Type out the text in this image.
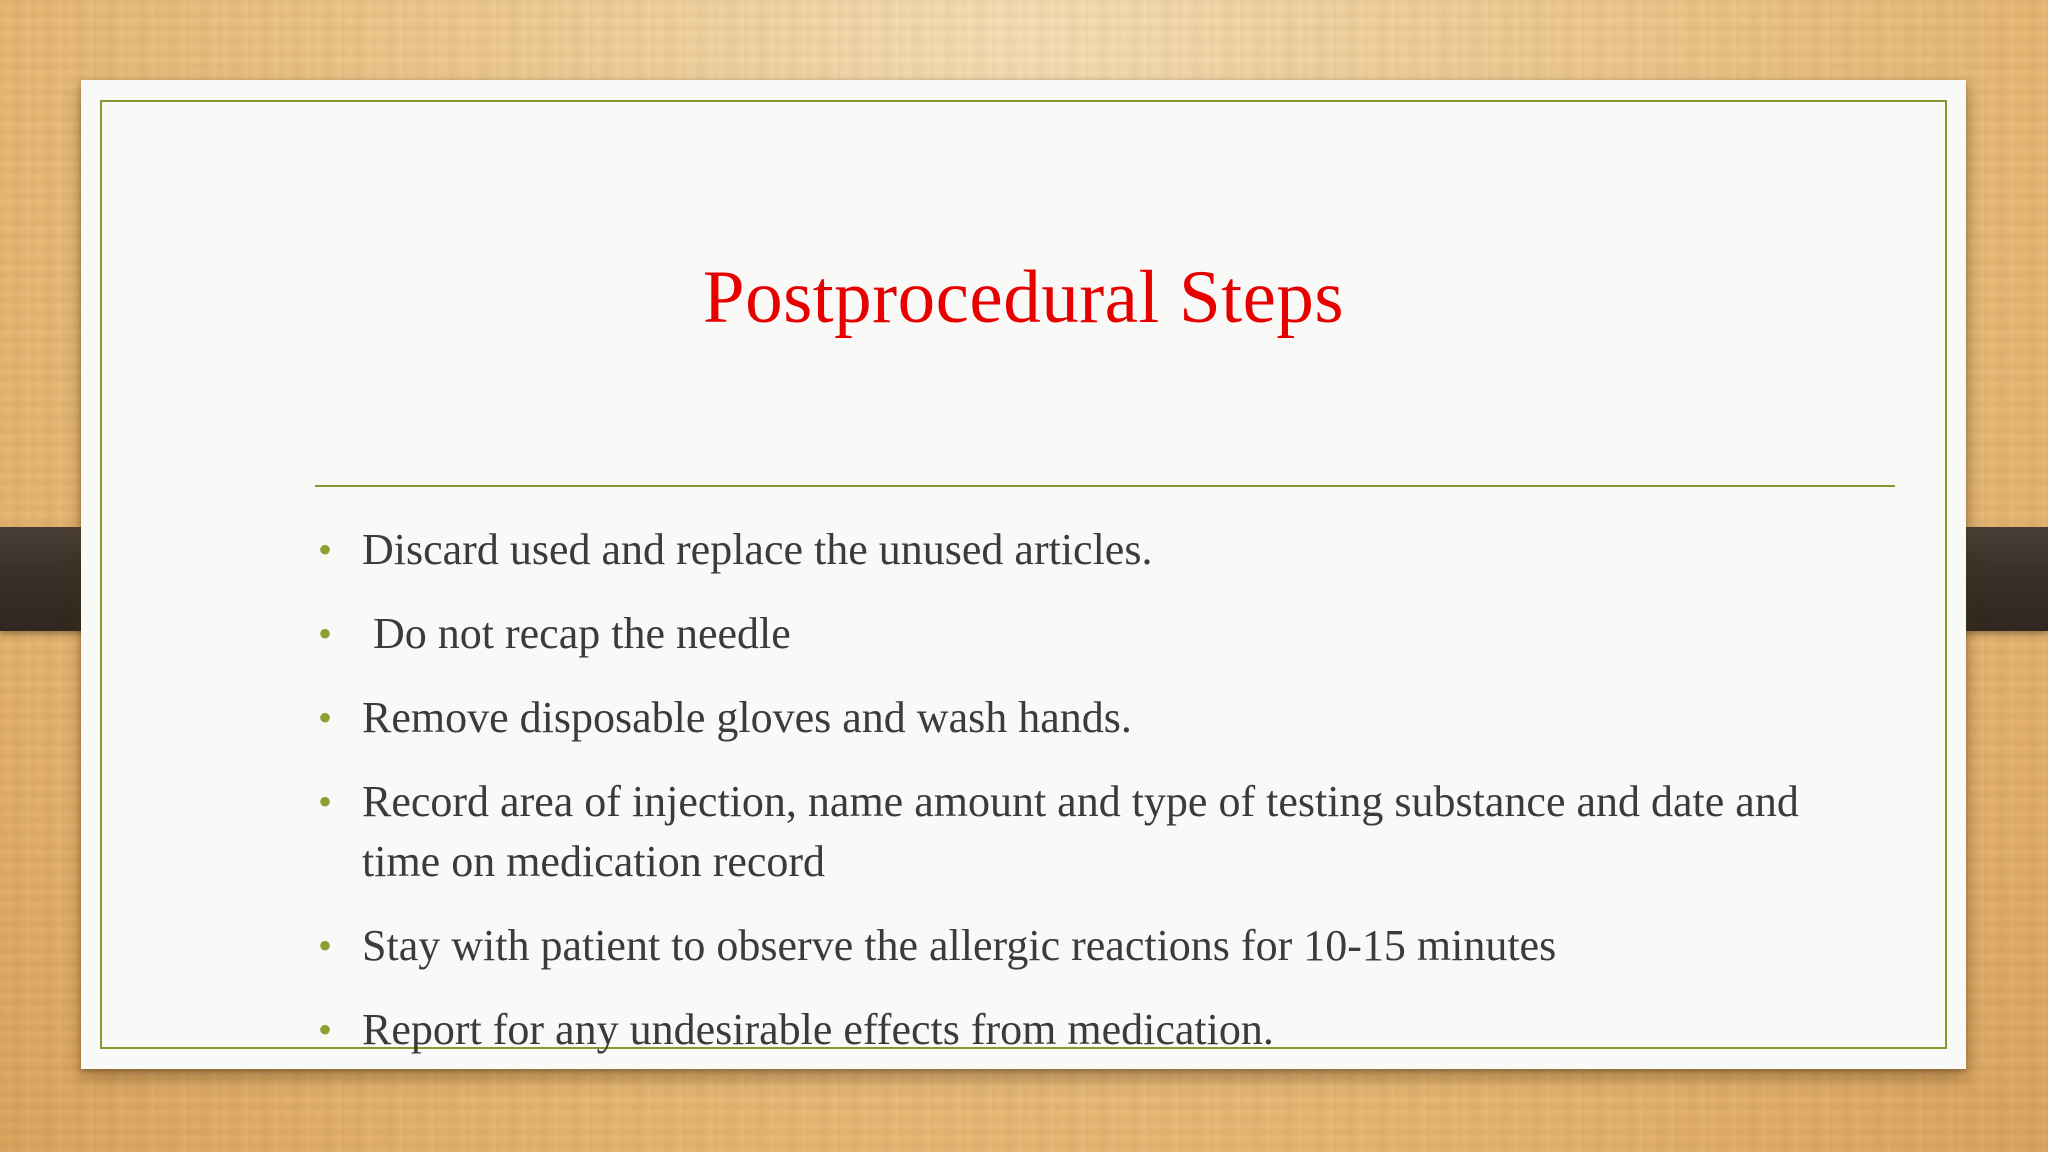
Postprocedural Steps
• Discard used and replace the unused articles.
• Do not recap the needle
• Remove disposable gloves and wash hands.
• Record area of injection, name amount and type of testing substance and date and time on medication record
• Stay with patient to observe the allergic reactions for 10-15 minutes
• Report for any undesirable effects from medication.
